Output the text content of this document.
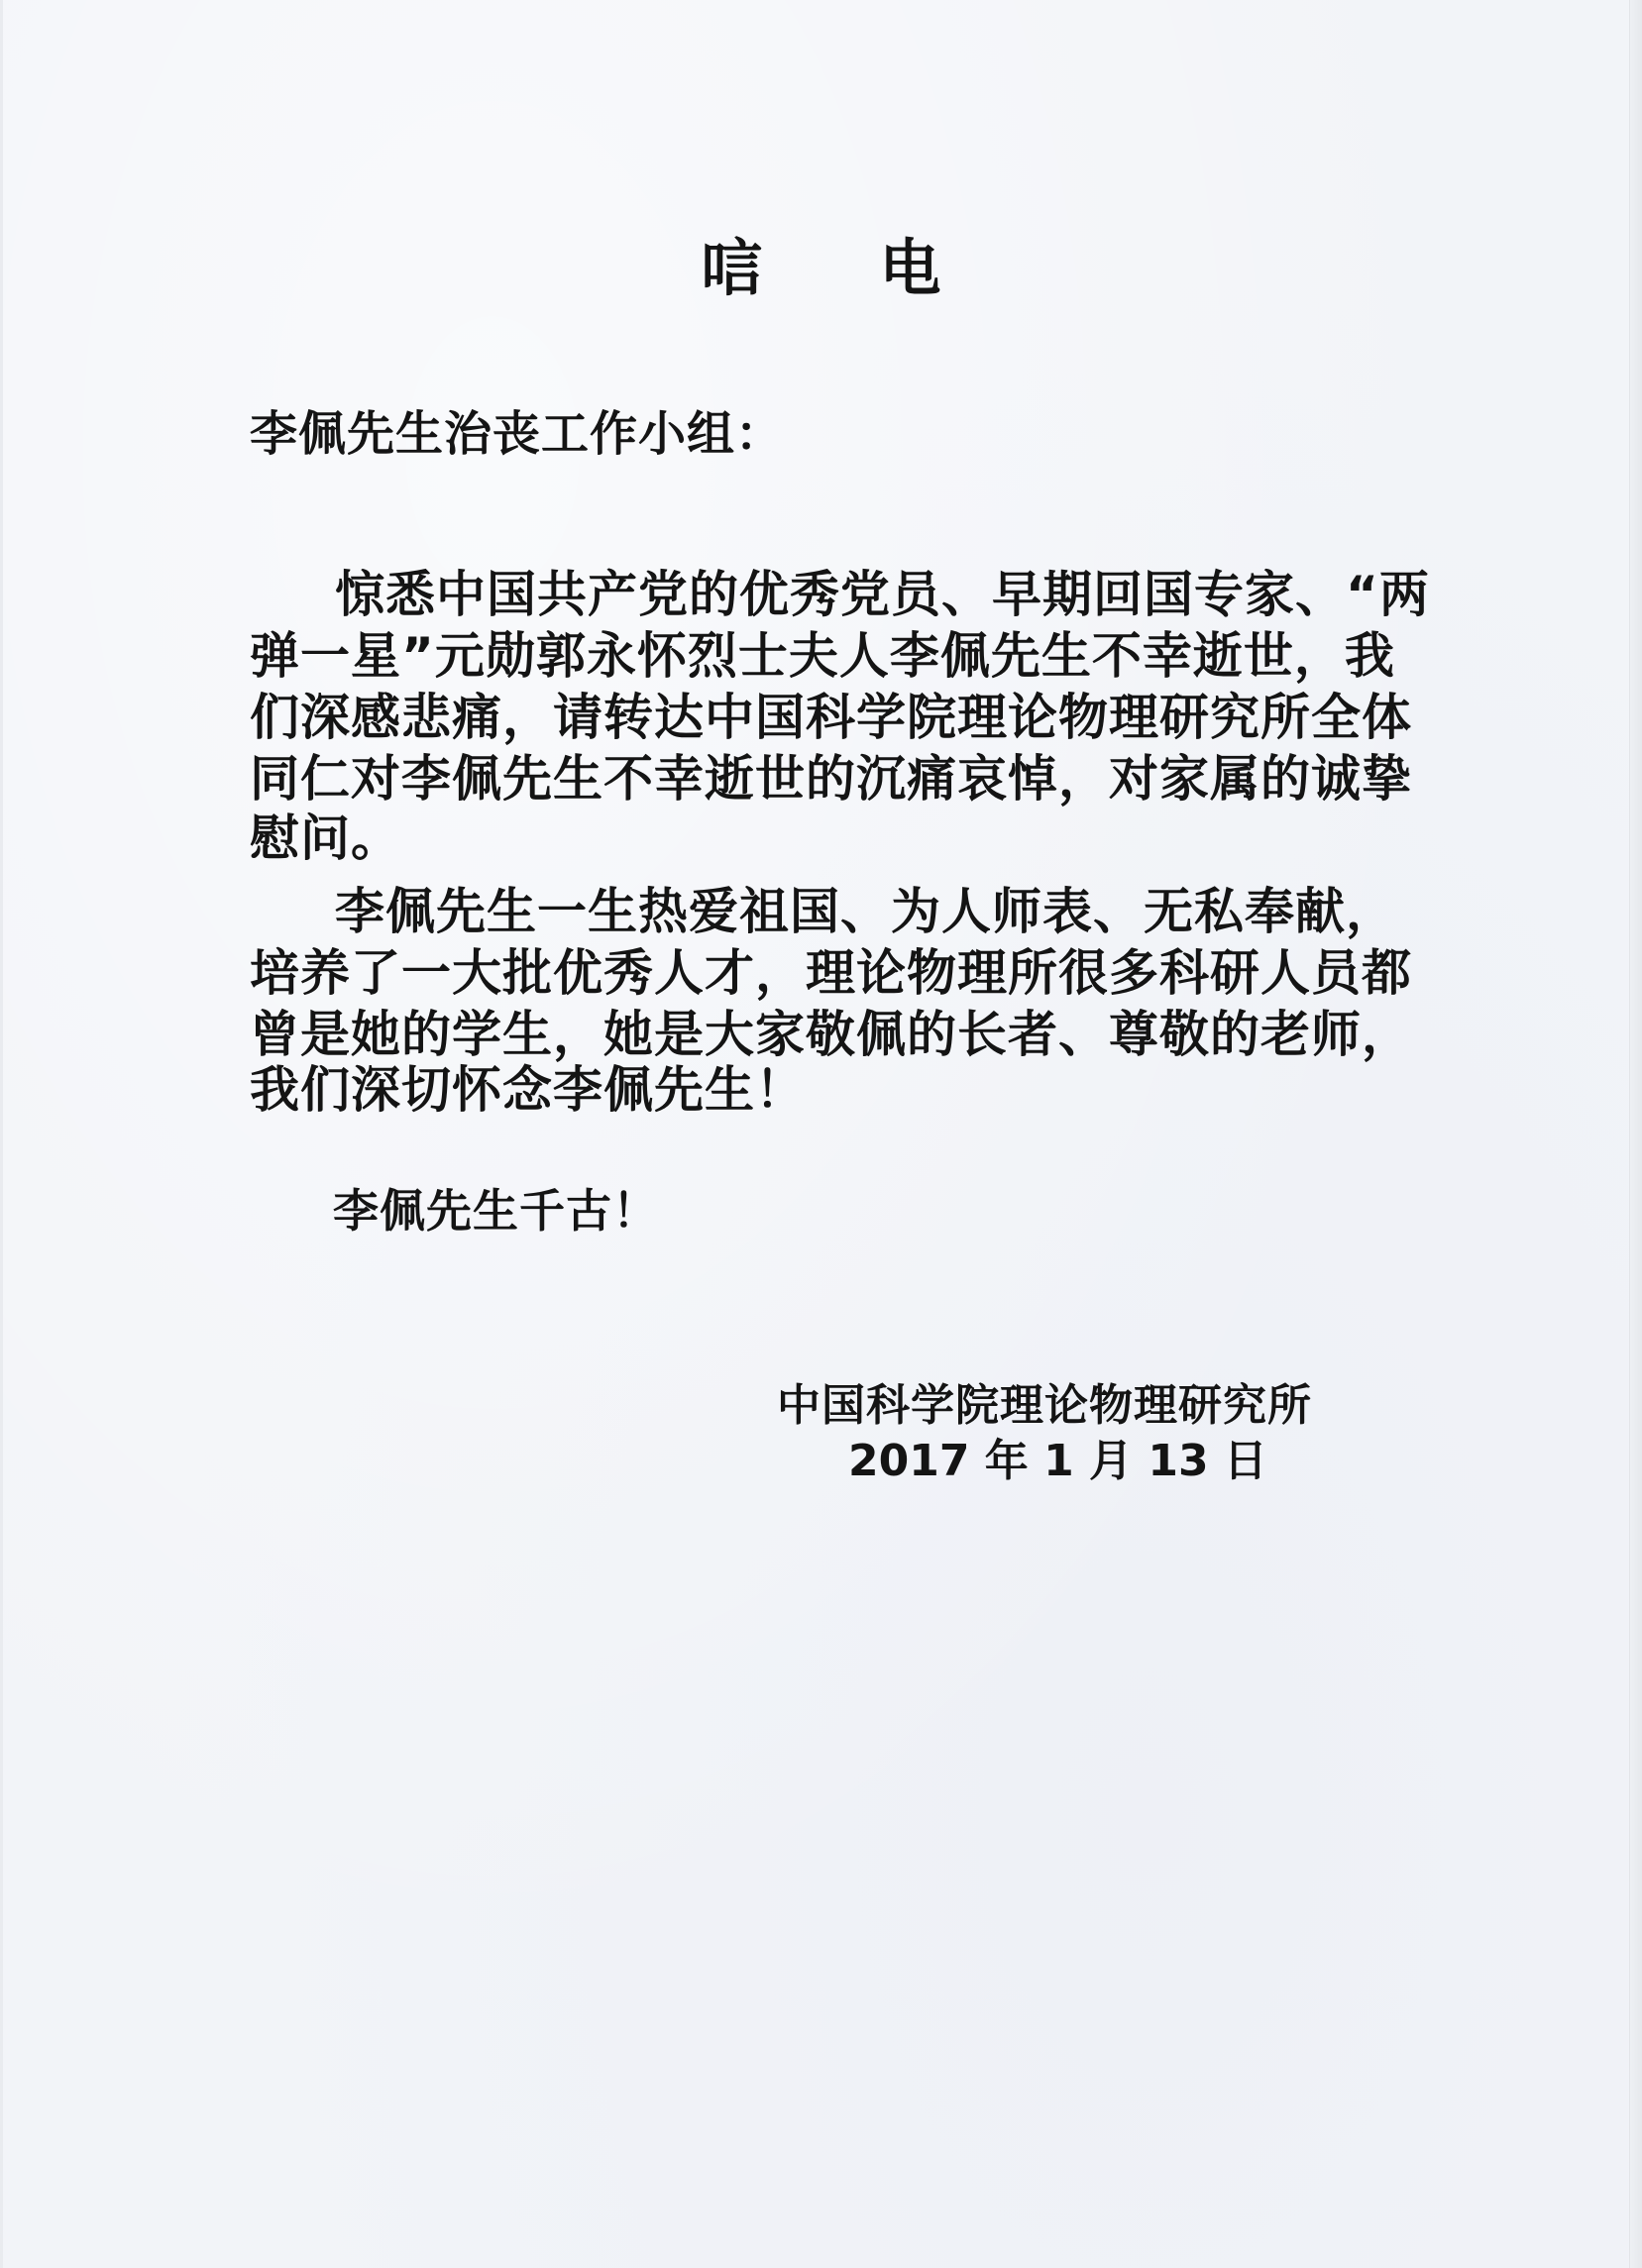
唁 电
李佩先生治丧工作小组：
惊悉中国共产党的优秀党员、早期回国专家、“两
弹一星”元勋郭永怀烈士夫人李佩先生不幸逝世，我
们深感悲痛，请转达中国科学院理论物理研究所全体
同仁对李佩先生不幸逝世的沉痛哀悼，对家属的诚挚
慰问。
李佩先生一生热爱祖国、为人师表、无私奉献，
培养了一大批优秀人才，理论物理所很多科研人员都
曾是她的学生，她是大家敬佩的长者、尊敬的老师，
我们深切怀念李佩先生！
李佩先生千古！
中国科学院理论物理研究所
2017 年 1 月 13 日
